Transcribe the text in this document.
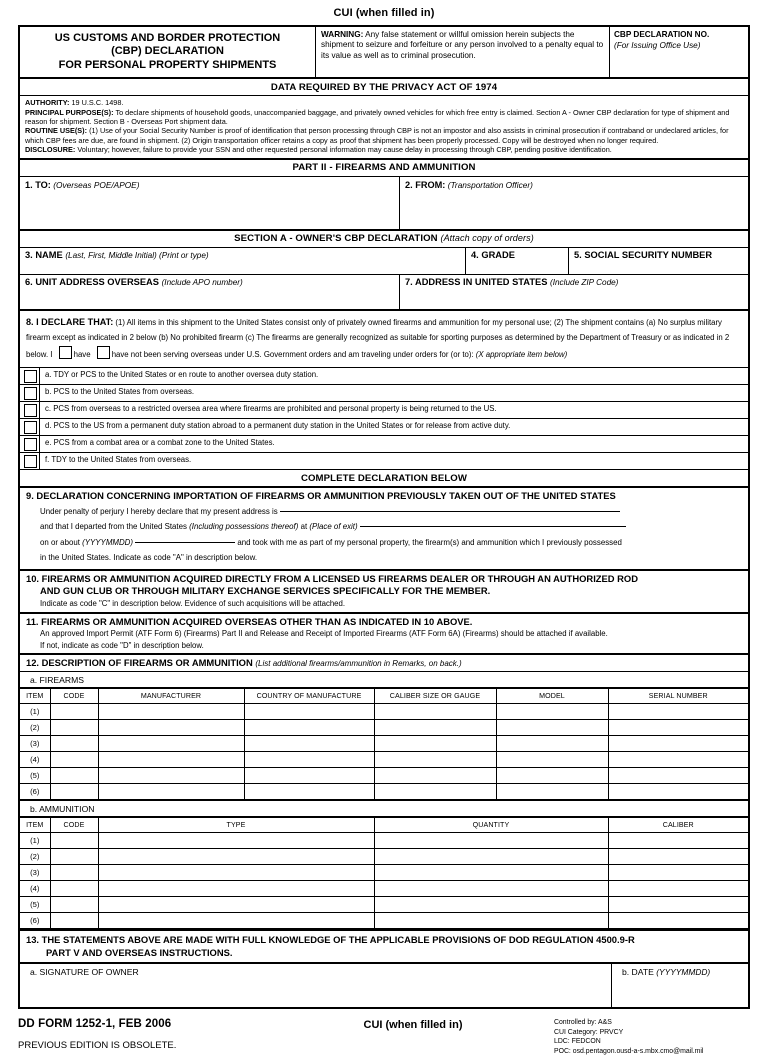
CUI (when filled in)
US CUSTOMS AND BORDER PROTECTION
(CBP) DECLARATION
FOR PERSONAL PROPERTY SHIPMENTS
WARNING: Any false statement or willful omission herein subjects the shipment to seizure and forfeiture or any person involved to a penalty equal to its value as well as to criminal prosecution.
CBP DECLARATION NO.
(For Issuing Office Use)
DATA REQUIRED BY THE PRIVACY ACT OF 1974
AUTHORITY: 19 U.S.C. 1498.
PRINCIPAL PURPOSE(S): To declare shipments of household goods, unaccompanied baggage, and privately owned vehicles for which free entry is claimed. Section A - Owner CBP declaration for type of shipment and reason for shipment. Section B - Overseas Port shipment data.
ROUTINE USE(S): (1) Use of your Social Security Number is proof of identification that person processing through CBP is not an impostor and also assists in criminal prosecution if contraband or undeclared articles, for which CBP fees are due, are found in shipment. (2) Origin transportation officer retains a copy as proof that shipment has been properly processed. Copy will be destroyed when no longer required.
DISCLOSURE: Voluntary; however, failure to provide your SSN and other requested personal information may cause delay in processing through CBP, pending positive identification.
PART II - FIREARMS AND AMMUNITION
1. TO: (Overseas POE/APOE)	2. FROM: (Transportation Officer)
SECTION A - OWNER'S CBP DECLARATION (Attach copy of orders)
3. NAME (Last, First, Middle Initial) (Print or type)	4. GRADE	5. SOCIAL SECURITY NUMBER
6. UNIT ADDRESS OVERSEAS (Include APO number)	7. ADDRESS IN UNITED STATES (Include ZIP Code)
8. I DECLARE THAT: (1) All items in this shipment to the United States consist only of privately owned firearms and ammunition for my personal use; (2) The shipment contains (a) No surplus military firearm except as indicated in 2 below (b) No prohibited firearm (c) The firearms are generally recognized as suitable for sporting purposes as determined by the Department of Treasury or as indicated in 2 below. I	have	have not been serving overseas under U.S. Government orders and am traveling under orders for (or to): (X appropriate item below)
a. TDY or PCS to the United States or en route to another oversea duty station.
b. PCS to the United States from overseas.
c. PCS from overseas to a restricted oversea area where firearms are prohibited and personal property is being returned to the US.
d. PCS to the US from a permanent duty station abroad to a permanent duty station in the United States or for release from active duty.
e. PCS from a combat area or a combat zone to the United States.
f. TDY to the United States from overseas.
COMPLETE DECLARATION BELOW
9. DECLARATION CONCERNING IMPORTATION OF FIREARMS OR AMMUNITION PREVIOUSLY TAKEN OUT OF THE UNITED STATES
Under penalty of perjury I hereby declare that my present address is
and that I departed from the United States (Including possessions thereof) at (Place of exit)
on or about (YYYYMMDD)	and took with me as part of my personal property, the firearm(s) and ammunition which I previously possessed
in the United States. Indicate as code "A" in description below.
10. FIREARMS OR AMMUNITION ACQUIRED DIRECTLY FROM A LICENSED US FIREARMS DEALER OR THROUGH AN AUTHORIZED ROD
AND GUN CLUB OR THROUGH MILITARY EXCHANGE SERVICES SPECIFICALLY FOR THE MEMBER.
Indicate as code "C" in description below. Evidence of such acquisitions will be attached.
11. FIREARMS OR AMMUNITION ACQUIRED OVERSEAS OTHER THAN AS INDICATED IN 10 ABOVE.
An approved Import Permit (ATF Form 6) (Firearms) Part II and Release and Receipt of Imported Firearms (ATF Form 6A) (Firearms) should be attached if available.
If not, indicate as code "D" in description below.
12. DESCRIPTION OF FIREARMS OR AMMUNITION (List additional firearms/ammunition in Remarks, on back.)
a. FIREARMS
ITEM	CODE	MANUFACTURER	COUNTRY OF MANUFACTURE	CALIBER SIZE OR GAUGE	MODEL	SERIAL NUMBER
(1)						
(2)						
(3)						
(4)						
(5)						
(6)						
b. AMMUNITION
ITEM	CODE	TYPE	QUANTITY	CALIBER
(1)				
(2)				
(3)				
(4)				
(5)				
(6)				
13. THE STATEMENTS ABOVE ARE MADE WITH FULL KNOWLEDGE OF THE APPLICABLE PROVISIONS OF DOD REGULATION 4500.9-R
PART V AND OVERSEAS INSTRUCTIONS.
a. SIGNATURE OF OWNER	b. DATE (YYYYMMDD)
DD FORM 1252-1, FEB 2006
PREVIOUS EDITION IS OBSOLETE.
CUI (when filled in)	Controlled by: A&S
CUI Category: PRVCY
LDC: FEDCON
POC: osd.pentagon.ousd-a-s.mbx.cmo@mail.mil
